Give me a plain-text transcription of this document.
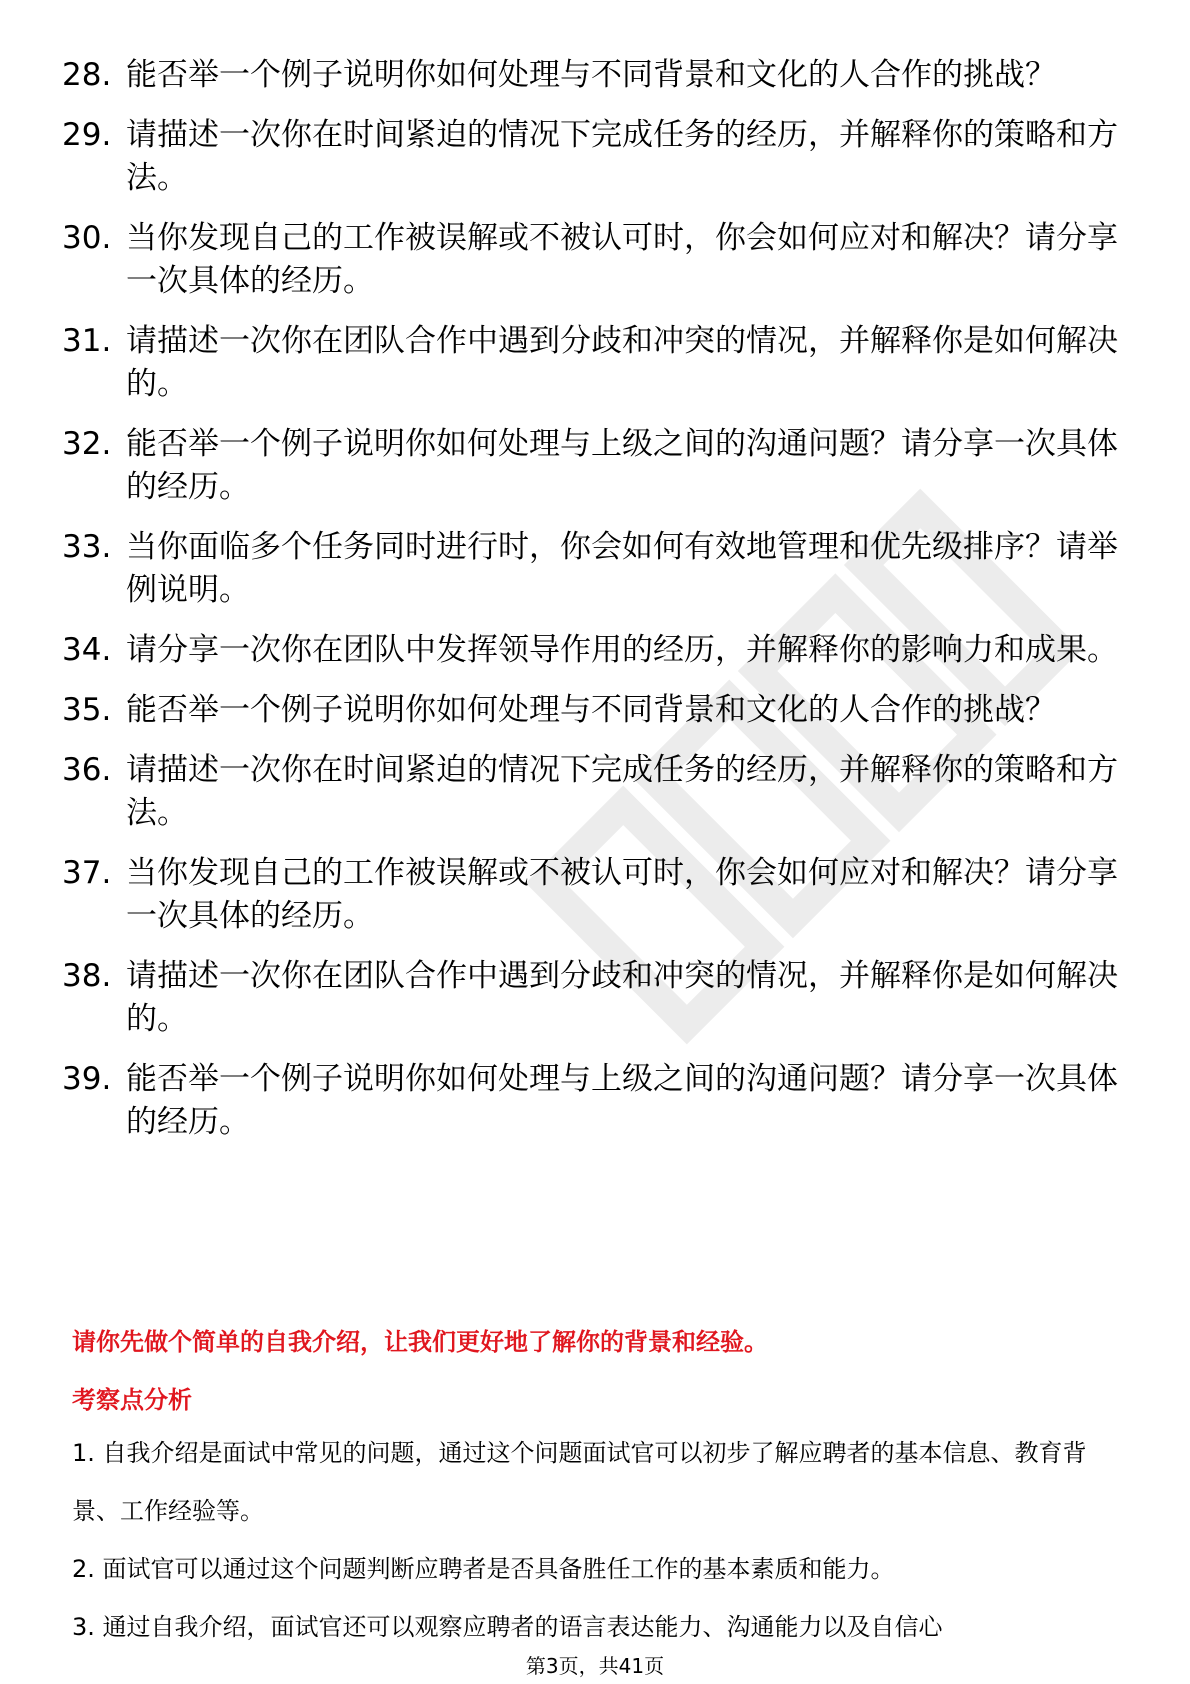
28. 能否举一个例子说明你如何处理与不同背景和文化的人合作的挑战？
29. 请描述一次你在时间紧迫的情况下完成任务的经历，并解释你的策略和方法。
30. 当你发现自己的工作被误解或不被认可时，你会如何应对和解决？请分享一次具体的经历。
31. 请描述一次你在团队合作中遇到分歧和冲突的情况，并解释你是如何解决的。
32. 能否举一个例子说明你如何处理与上级之间的沟通问题？请分享一次具体的经历。
33. 当你面临多个任务同时进行时，你会如何有效地管理和优先级排序？请举例说明。
34. 请分享一次你在团队中发挥领导作用的经历，并解释你的影响力和成果。
35. 能否举一个例子说明你如何处理与不同背景和文化的人合作的挑战？
36. 请描述一次你在时间紧迫的情况下完成任务的经历，并解释你的策略和方法。
37. 当你发现自己的工作被误解或不被认可时，你会如何应对和解决？请分享一次具体的经历。
38. 请描述一次你在团队合作中遇到分歧和冲突的情况，并解释你是如何解决的。
39. 能否举一个例子说明你如何处理与上级之间的沟通问题？请分享一次具体的经历。
请你先做个简单的自我介绍，让我们更好地了解你的背景和经验。
考察点分析

1. 自我介绍是面试中常见的问题，通过这个问题面试官可以初步了解应聘者的基本信息、教育背景、工作经验等。

2. 面试官可以通过这个问题判断应聘者是否具备胜任工作的基本素质和能力。

3. 通过自我介绍，面试官还可以观察应聘者的语言表达能力、沟通能力以及自信心

第3页，共41页
